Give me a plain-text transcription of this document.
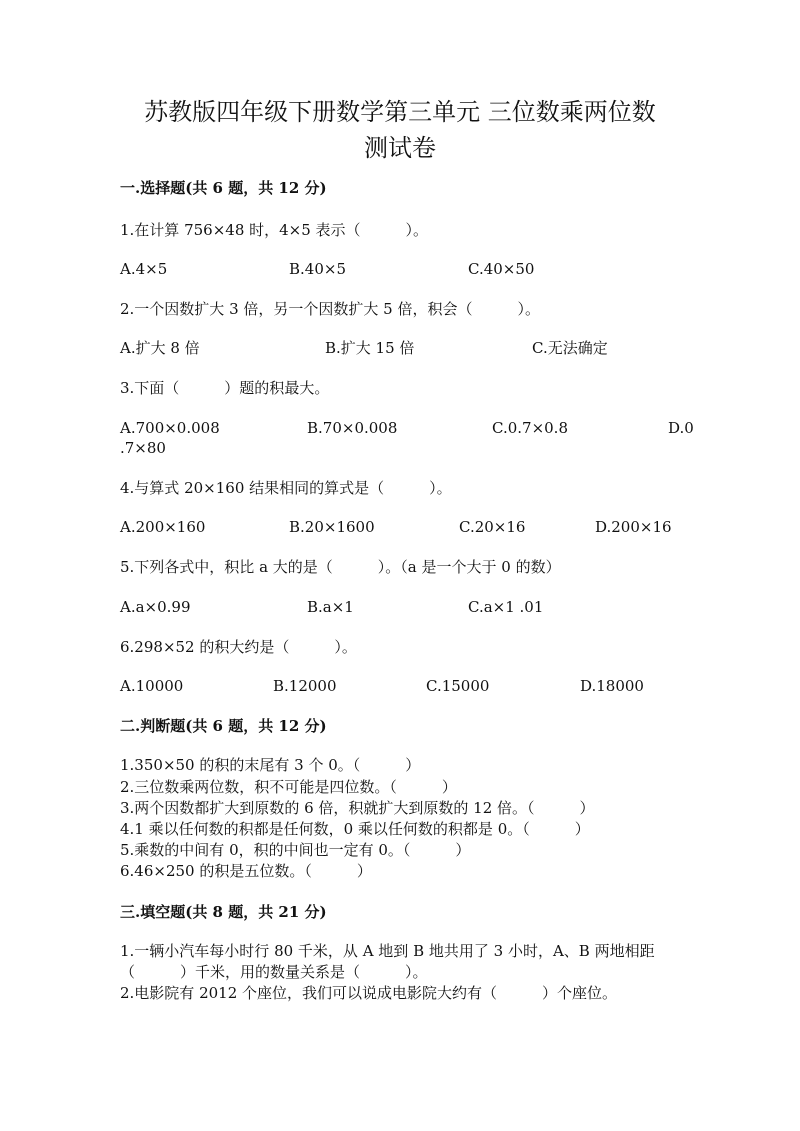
苏教版四年级下册数学第三单元 三位数乘两位数
测试卷
一.选择题(共 6 题，共 12 分)
1.在计算 756×48 时，4×5 表示（　　　）。
A.4×5	B.40×5	C.40×50
2.一个因数扩大 3 倍，另一个因数扩大 5 倍，积会（　　　）。
A.扩大 8 倍	B.扩大 15 倍	C.无法确定
3.下面（　　　）题的积最大。
A.700×0.008	B.70×0.008	C.0.7×0.8	D.0
.7×80
4.与算式 20×160 结果相同的算式是（　　　）。
A.200×160	B.20×1600	C.20×16	D.200×16
5.下列各式中，积比 a 大的是（　　　）。（a 是一个大于 0 的数）
A.a×0.99	B.a×1	C.a×1 .01
6.298×52 的积大约是（　　　）。
A.10000	B.12000	C.15000	D.18000
二.判断题(共 6 题，共 12 分)
1.350×50 的积的末尾有 3 个 0。（　　　）
2.三位数乘两位数，积不可能是四位数。（　　　）
3.两个因数都扩大到原数的 6 倍，积就扩大到原数的 12 倍。（　　　）
4.1 乘以任何数的积都是任何数，0 乘以任何数的积都是 0。（　　　）
5.乘数的中间有 0，积的中间也一定有 0。（　　　）
6.46×250 的积是五位数。（　　　）
三.填空题(共 8 题，共 21 分)
1.一辆小汽车每小时行 80 千米，从 A 地到 B 地共用了 3 小时，A、B 两地相距
（　　　）千米，用的数量关系是（　　　）。
2.电影院有 2012 个座位，我们可以说成电影院大约有（　　　）个座位。
